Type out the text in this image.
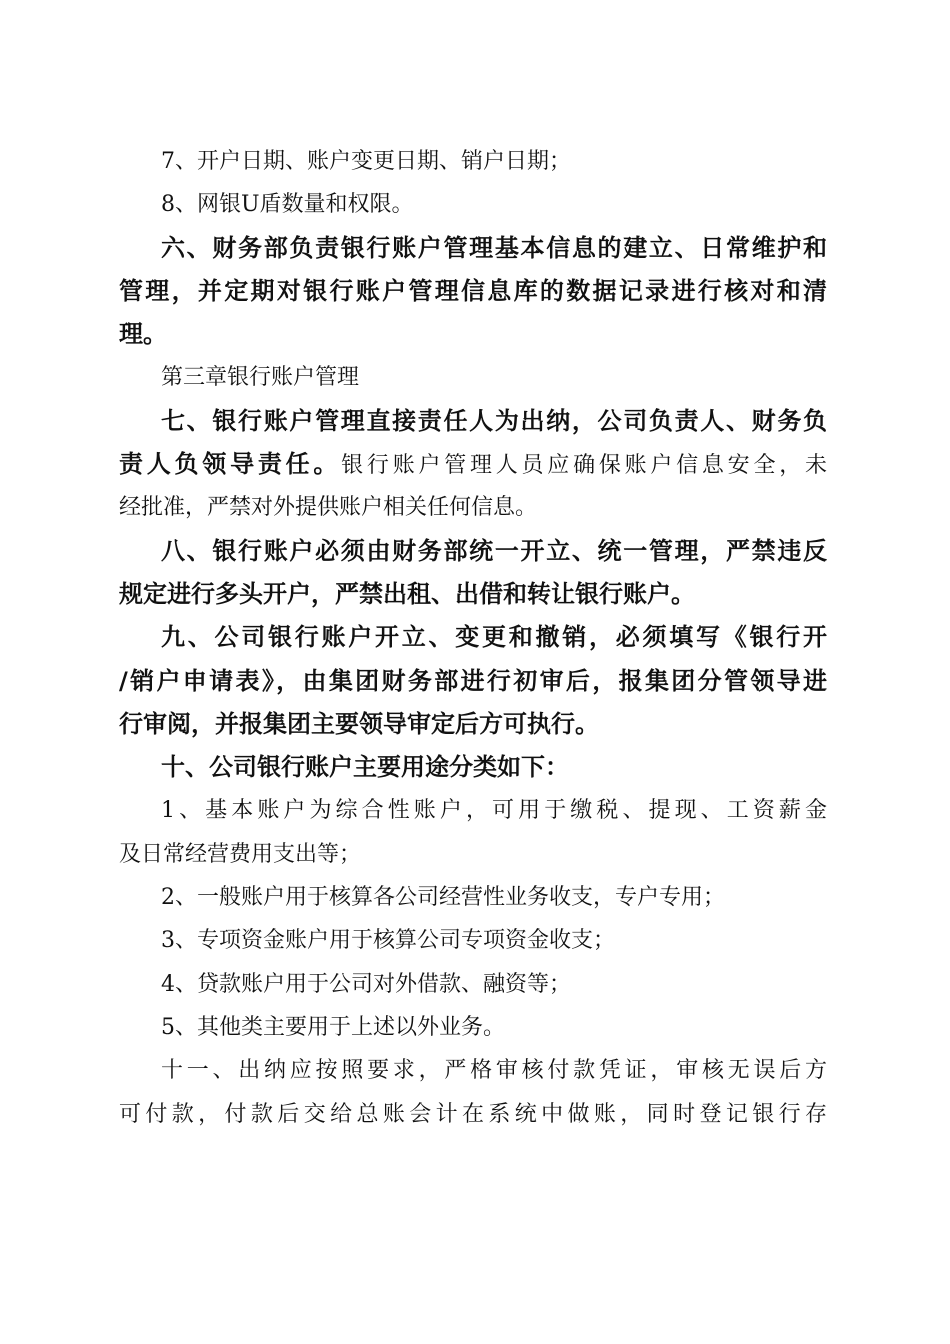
7、开户日期、账户变更日期、销户日期；
8、网银U盾数量和权限。
六、财务部负责银行账户管理基本信息的建立、日常维护和
管理，并定期对银行账户管理信息库的数据记录进行核对和清
理。
第三章银行账户管理
七、银行账户管理直接责任人为出纳，公司负责人、财务负
责人负领导责任。银行账户管理人员应确保账户信息安全，未
经批准，严禁对外提供账户相关任何信息。
八、银行账户必须由财务部统一开立、统一管理，严禁违反
规定进行多头开户，严禁出租、出借和转让银行账户。
九、公司银行账户开立、变更和撤销，必须填写《银行开
/销户申请表》，由集团财务部进行初审后，报集团分管领导进
行审阅，并报集团主要领导审定后方可执行。
十、公司银行账户主要用途分类如下：
1、基本账户为综合性账户，可用于缴税、提现、工资薪金
及日常经营费用支出等；
2、一般账户用于核算各公司经营性业务收支，专户专用；
3、专项资金账户用于核算公司专项资金收支；
4、贷款账户用于公司对外借款、融资等；
5、其他类主要用于上述以外业务。
十一、出纳应按照要求，严格审核付款凭证，审核无误后方
可付款，付款后交给总账会计在系统中做账，同时登记银行存
